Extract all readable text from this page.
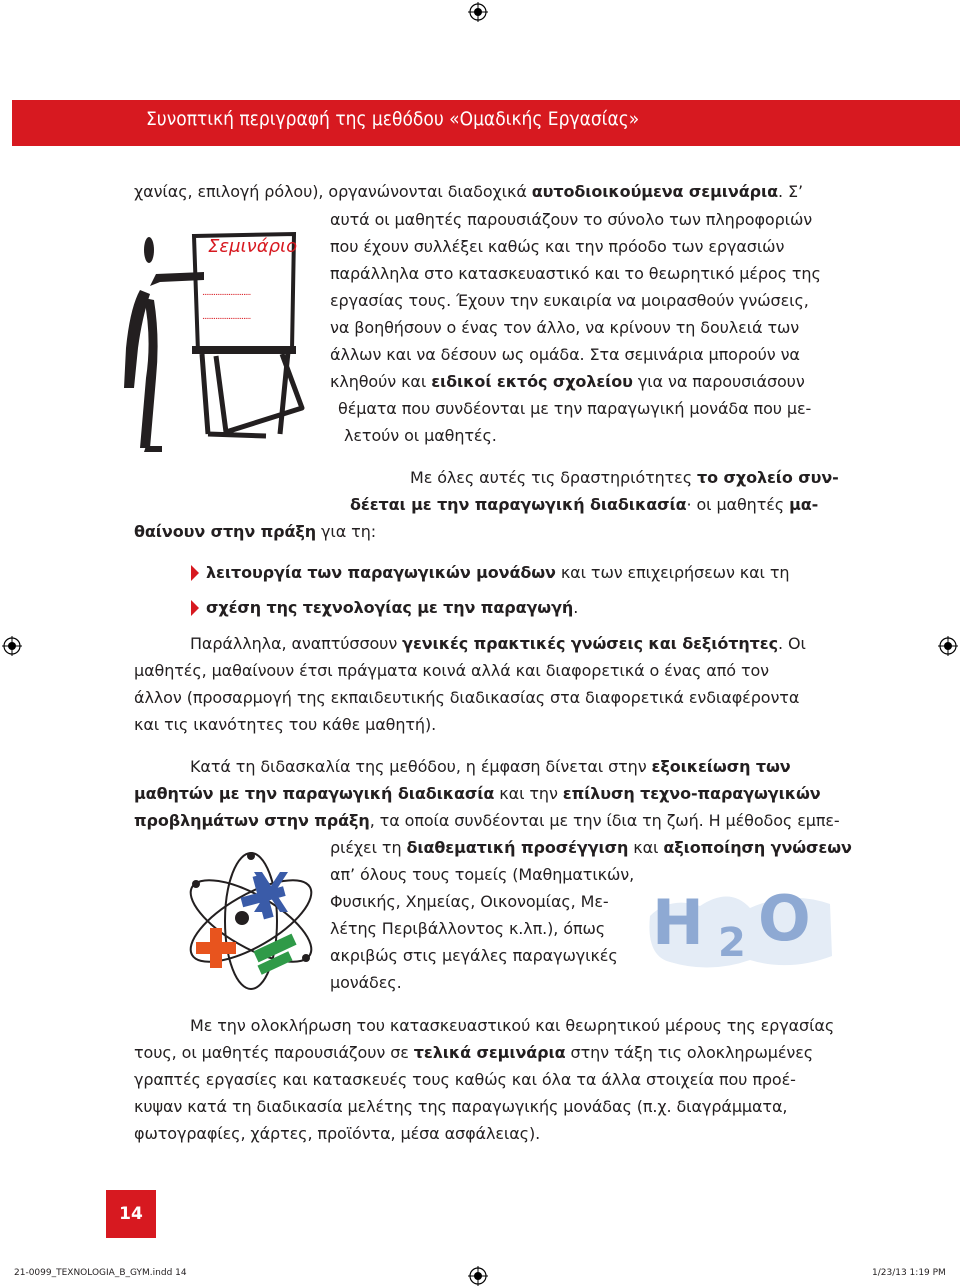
Συνοπτική περιγραφή της μεθόδου «Ομαδικής Εργασίας»
Σεμινάριο
..........................
..........................
χανίας, επιλογή ρόλου), οργανώνονται διαδοχικά αυτοδιοικούμενα σεμινάρια. Σ’
αυτά οι μαθητές παρουσιάζουν το σύνολο των πληροφοριών
που έχουν συλλέξει καθώς και την πρόοδο των εργασιών
παράλληλα στο κατασκευαστικό και το θεωρητικό μέρος της
εργασίας τους. Έχουν την ευκαιρία να μοιρασθούν γνώσεις,
να βοηθήσουν ο ένας τον άλλο, να κρίνουν τη δουλειά των
άλλων και να δέσουν ως ομάδα. Στα σεμινάρια μπορούν να
κληθούν και ειδικοί εκτός σχολείου για να παρουσιάσουν
θέματα που συνδέονται με την παραγωγική μονάδα που με-
λετούν οι μαθητές.
Με όλες αυτές τις δραστηριότητες το σχολείο συν-
δέεται με την παραγωγική διαδικασία· οι μαθητές μα-
θαίνουν στην πράξη για τη:
λειτουργία των παραγωγικών μονάδων και των επιχειρήσεων και τη
σχέση της τεχνολογίας με την παραγωγή.
Παράλληλα, αναπτύσσουν γενικές πρακτικές γνώσεις και δεξιότητες. Οι
μαθητές, μαθαίνουν έτσι πράγματα κοινά αλλά και διαφορετικά ο ένας από τον
άλλον (προσαρμογή της εκπαιδευτικής διαδικασίας στα διαφορετικά ενδιαφέροντα
και τις ικανότητες του κάθε μαθητή).
Κατά τη διδασκαλία της μεθόδου, η έμφαση δίνεται στην εξοικείωση των
μαθητών με την παραγωγική διαδικασία και την επίλυση τεχνο-παραγωγικών
προβλημάτων στην πράξη, τα οποία συνδέονται με την ίδια τη ζωή. Η μέθοδος εμπε-
ριέχει τη διαθεματική προσέγγιση και αξιοποίηση γνώσεων
απ’ όλους τους τομείς (Μαθηματικών,
Φυσικής, Χημείας, Οικονομίας, Με-
λέτης Περιβάλλοντος κ.λπ.), όπως
ακριβώς στις μεγάλες παραγωγικές
μονάδες.
H 2 O
Με την ολοκλήρωση του κατασκευαστικού και θεωρητικού μέρους της εργασίας
τους, οι μαθητές παρουσιάζουν σε τελικά σεμινάρια στην τάξη τις ολοκληρωμένες
γραπτές εργασίες και κατασκευές τους καθώς και όλα τα άλλα στοιχεία που προέ-
κυψαν κατά τη διαδικασία μελέτης της παραγωγικής μονάδας (π.χ. διαγράμματα,
φωτογραφίες, χάρτες, προϊόντα, μέσα ασφάλειας).
14
21-0099_TEXNOLOGIA_B_GYM.indd 14	1/23/13 1:19 PM
